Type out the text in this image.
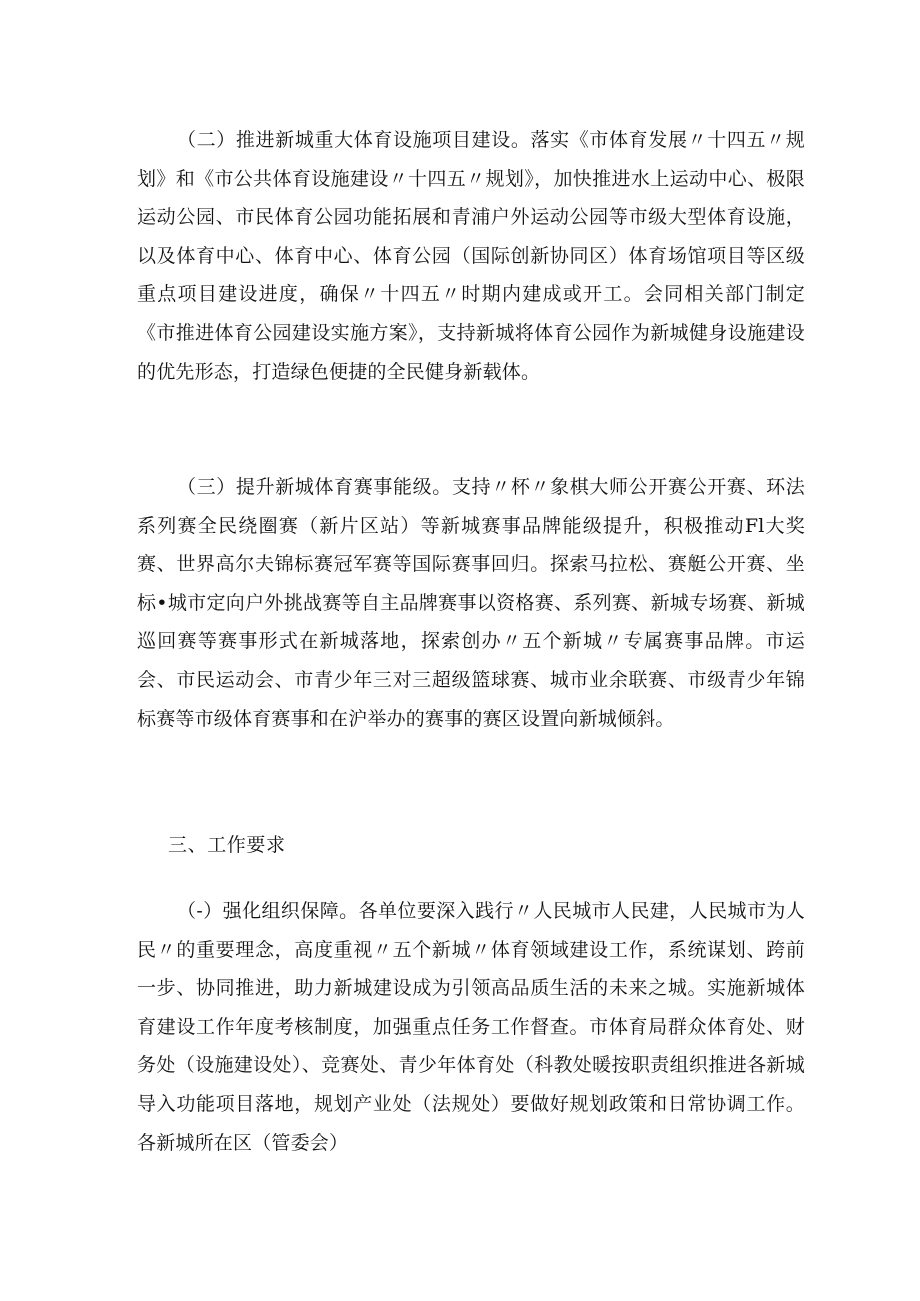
（二）推进新城重大体育设施项目建设。落实《市体育发展〃十四五〃规划》和《市公共体育设施建设〃十四五〃规划》，加快推进水上运动中心、极限运动公园、市民体育公园功能拓展和青浦户外运动公园等市级大型体育设施，以及体育中心、体育中心、体育公园（国际创新协同区）体育场馆项目等区级重点项目建设进度，确保〃十四五〃时期内建成或开工。会同相关部门制定《市推进体育公园建设实施方案》，支持新城将体育公园作为新城健身设施建设的优先形态，打造绿色便捷的全民健身新载体。

（三）提升新城体育赛事能级。支持〃杯〃象棋大师公开赛公开赛、环法系列赛全民绕圈赛（新片区站）等新城赛事品牌能级提升，积极推动Fl大奖赛、世界高尔夫锦标赛冠军赛等国际赛事回归。探索马拉松、赛艇公开赛、坐标•城市定向户外挑战赛等自主品牌赛事以资格赛、系列赛、新城专场赛、新城巡回赛等赛事形式在新城落地，探索创办〃五个新城〃专属赛事品牌。市运会、市民运动会、市青少年三对三超级篮球赛、城市业余联赛、市级青少年锦标赛等市级体育赛事和在沪举办的赛事的赛区设置向新城倾斜。

三、工作要求

（-）强化组织保障。各单位要深入践行〃人民城市人民建，人民城市为人民〃的重要理念，高度重视〃五个新城〃体育领域建设工作，系统谋划、跨前一步、协同推进，助力新城建设成为引领高品质生活的未来之城。实施新城体育建设工作年度考核制度，加强重点任务工作督查。市体育局群众体育处、财务处（设施建设处）、竞赛处、青少年体育处（科教处暖按职责组织推进各新城导入功能项目落地，规划产业处（法规处）要做好规划政策和日常协调工作。各新城所在区（管委会）
